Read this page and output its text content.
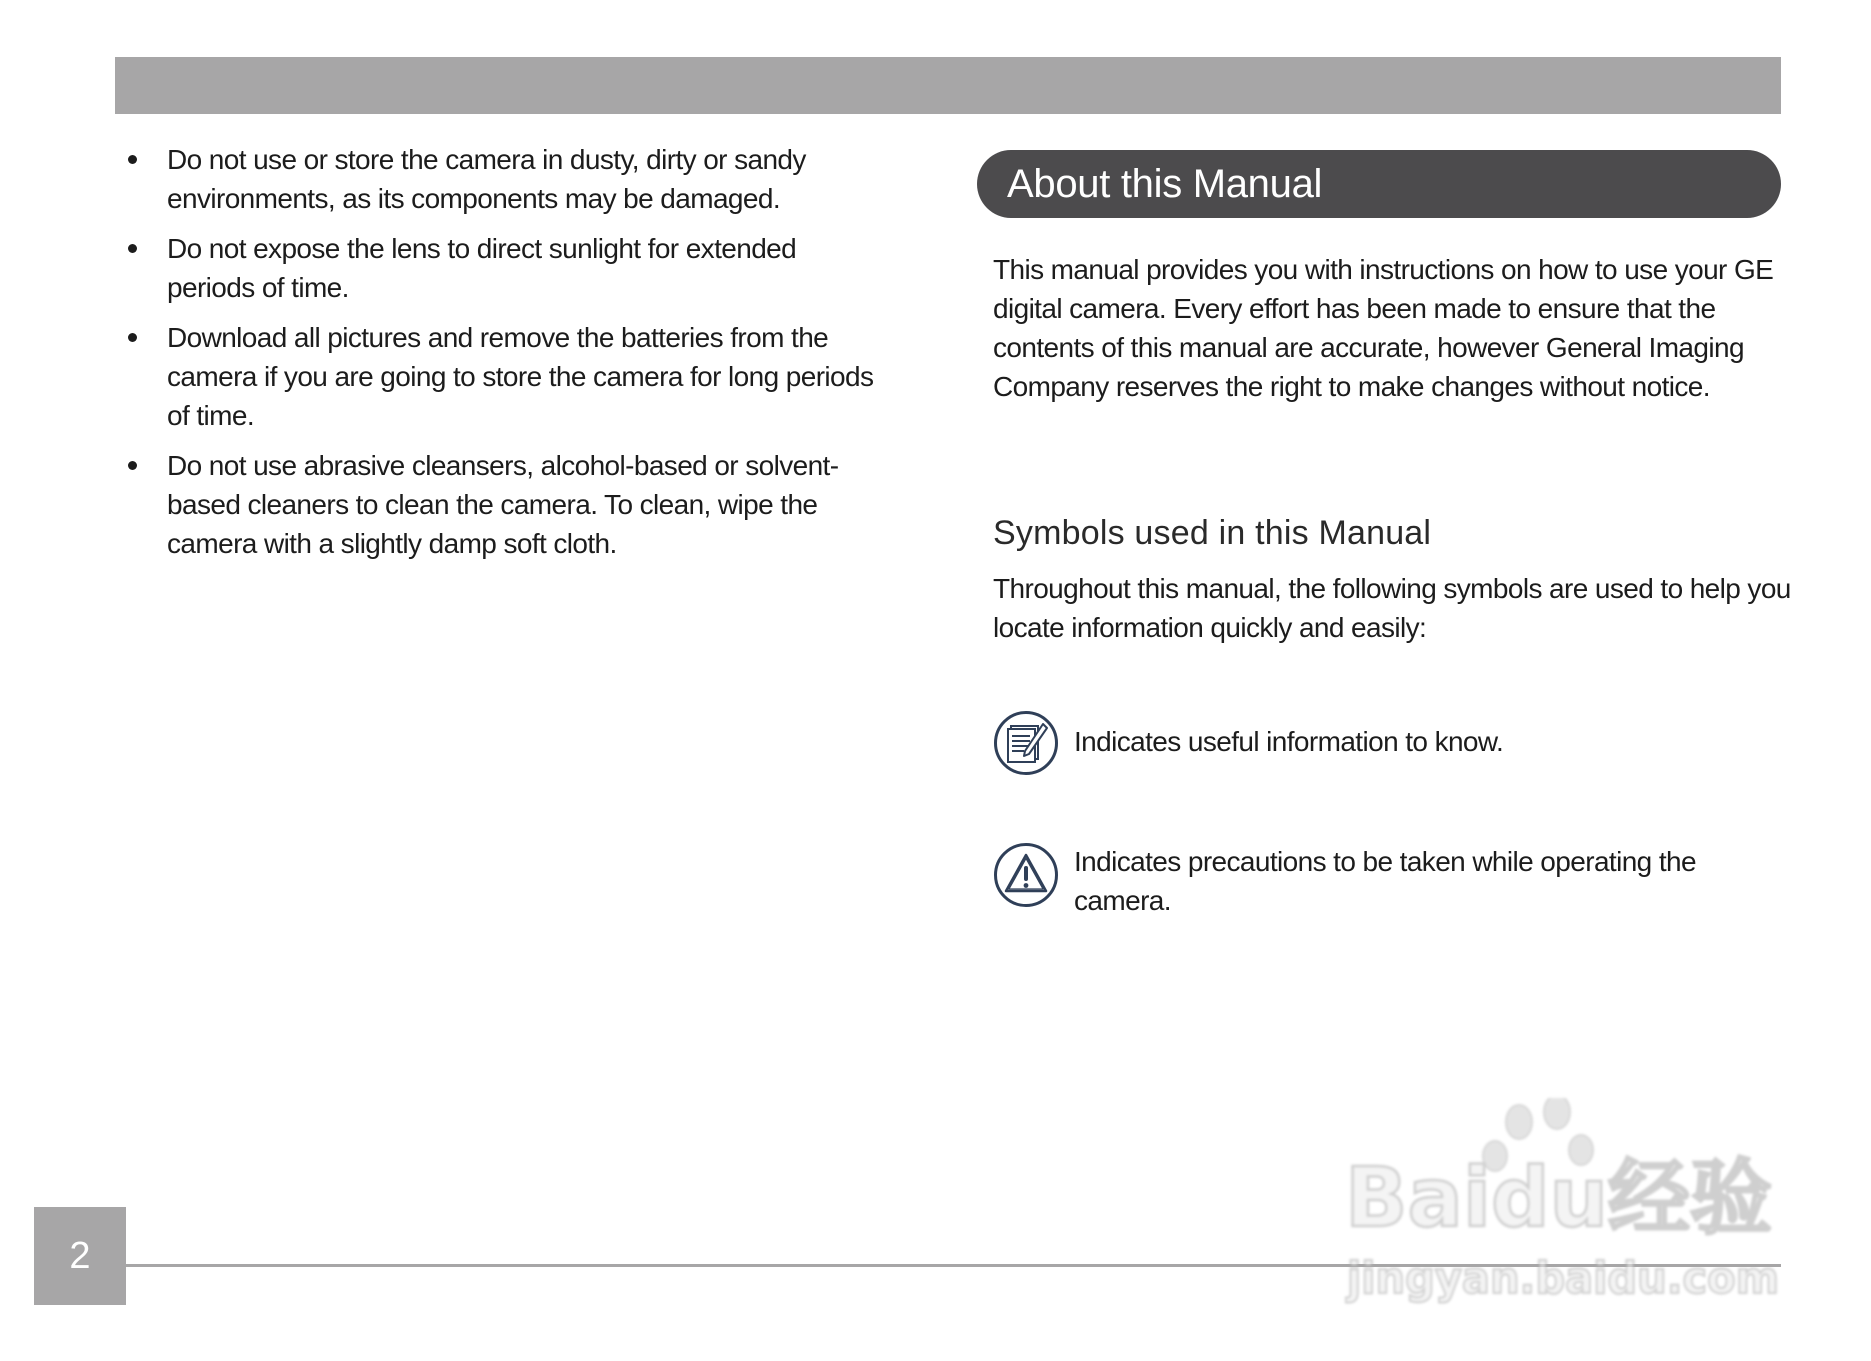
Do not use or store the camera in dusty, dirty or sandy environments, as its components may be damaged.
Do not expose the lens to direct sunlight for extended periods of time.
Download all pictures and remove the batteries from the camera if you are going to store the camera for long periods of time.
Do not use abrasive cleansers, alcohol-based or solvent-based cleaners to clean the camera. To clean, wipe the camera with a slightly damp soft cloth.
About this Manual

This manual provides you with instructions on how to use your GE digital camera. Every effort has been made to ensure that the contents of this manual are accurate, however General Imaging Company reserves the right to make changes without notice.

Symbols used in this Manual

Throughout this manual, the following symbols are used to help you locate information quickly and easily:

Indicates useful information to know.
Indicates precautions to be taken while operating the camera.
2
Baidu经验
jingyan.baidu.com
